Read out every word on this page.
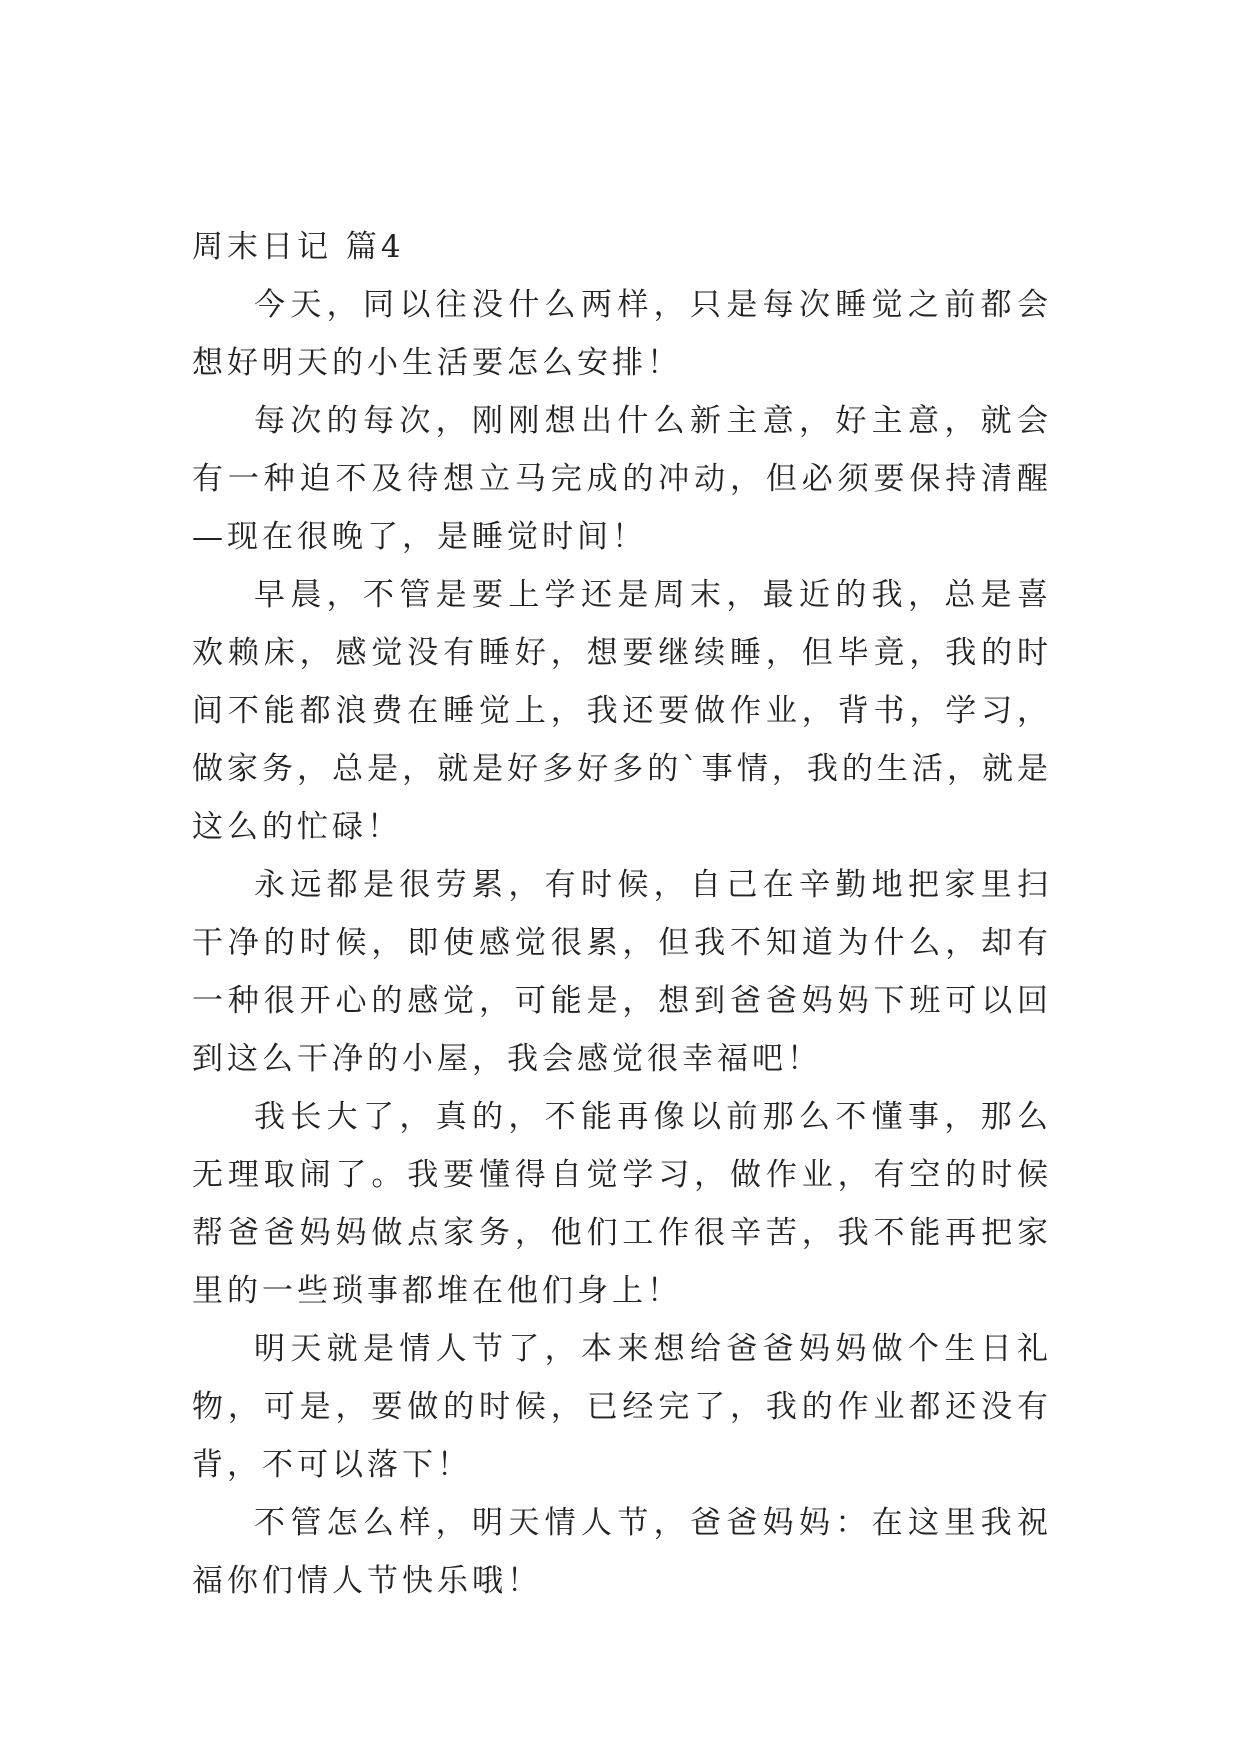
周末日记 篇4

今天，同以往没什么两样，只是每次睡觉之前都会想好明天的小生活要怎么安排！

每次的每次，刚刚想出什么新主意，好主意，就会有一种迫不及待想立马完成的冲动，但必须要保持清醒—现在很晚了，是睡觉时间！

早晨，不管是要上学还是周末，最近的我，总是喜欢赖床，感觉没有睡好，想要继续睡，但毕竟，我的时间不能都浪费在睡觉上，我还要做作业，背书，学习，做家务，总是，就是好多好多的`事情，我的生活，就是这么的忙碌！

永远都是很劳累，有时候，自己在辛勤地把家里扫干净的时候，即使感觉很累，但我不知道为什么，却有一种很开心的感觉，可能是，想到爸爸妈妈下班可以回到这么干净的小屋，我会感觉很幸福吧！

我长大了，真的，不能再像以前那么不懂事，那么无理取闹了。我要懂得自觉学习，做作业，有空的时候帮爸爸妈妈做点家务，他们工作很辛苦，我不能再把家里的一些琐事都堆在他们身上！

明天就是情人节了，本来想给爸爸妈妈做个生日礼物，可是，要做的时候，已经完了，我的作业都还没有背，不可以落下！

不管怎么样，明天情人节，爸爸妈妈：在这里我祝福你们情人节快乐哦！
